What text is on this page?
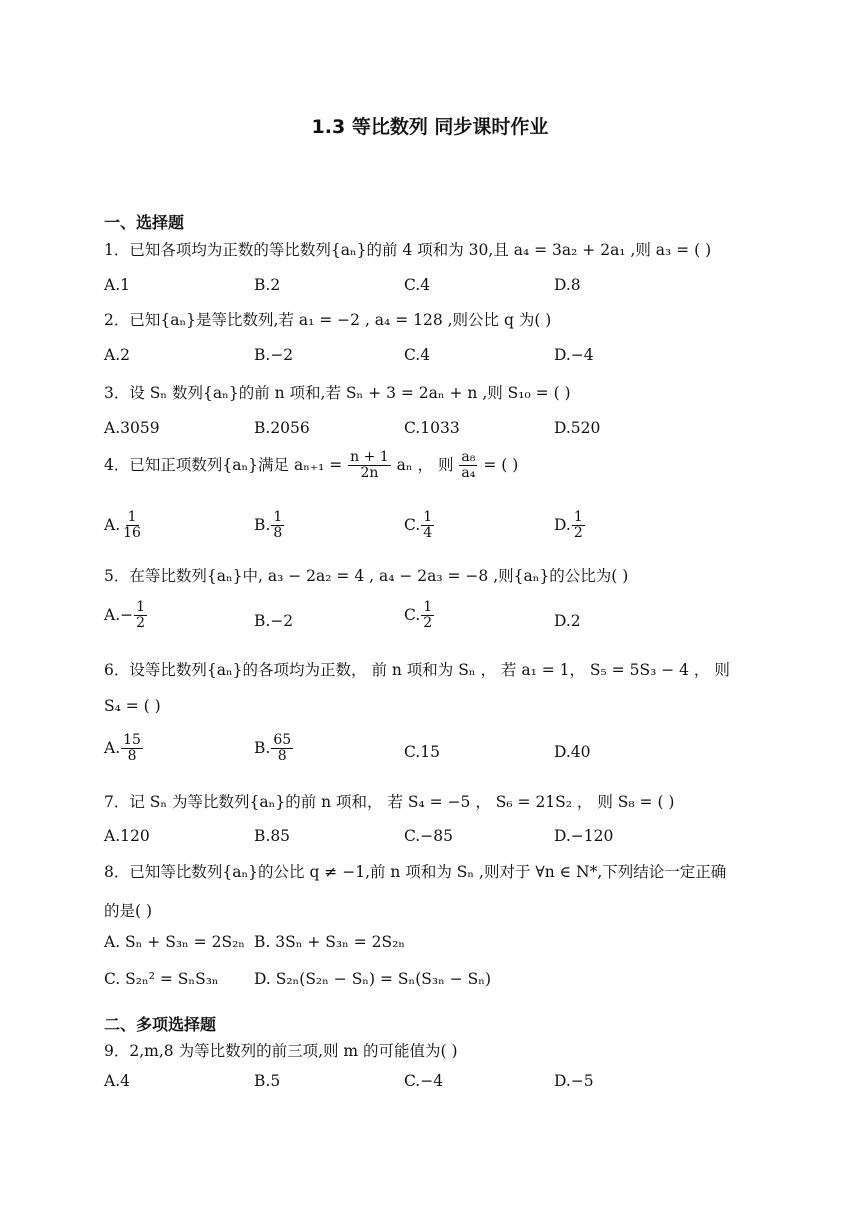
1.3 等比数列 同步课时作业
一、选择题
1．已知各项均为正数的等比数列{aₙ}的前 4 项和为 30,且 a₄ = 3a₂ + 2a₁ ,则 a₃ = ( )
A.1	B.2	C.4	D.8
2．已知{aₙ}是等比数列,若 a₁ = −2 , a₄ = 128 ,则公比 q 为( )
A.2	B.−2	C.4	D.−4
3．设 Sₙ 数列{aₙ}的前 n 项和,若 Sₙ + 3 = 2aₙ + n ,则 S₁₀ = ( )
A.3059	B.2056	C.1033	D.520
4．已知正项数列{aₙ}满足 $a_{n+1} = \frac{n + 1}{2n}$ aₙ ， 则 $\frac{\text{a₈}}{\text{a₄}}$ = ( )
A. $\frac{1}{16}$	B. $\frac{1}{8}$	C. $\frac{1}{4}$	D. $\frac{1}{2}$
5．在等比数列{aₙ}中, a₃ − 2a₂ = 4 , a₄ − 2a₃ = −8 ,则{aₙ}的公比为( )
$A.- \frac{1}{2}$	B.−2	C. $\frac{1}{2}$	D.2
6．设等比数列{aₙ}的各项均为正数， 前 n 项和为 Sₙ ， 若 a₁ = 1， S₅ = 5S₃ − 4 ， 则
S₄ = ( )
A. $\frac{15}{8}$	B. $\frac{65}{8}$	C.15	D.40
7．记 Sₙ 为等比数列{aₙ}的前 n 项和， 若 S₄ = −5 ， S₆ = 21S₂ ， 则 S₈ = ( )
A.120	B.85	C.−85	D.−120
8．已知等比数列{aₙ}的公比 q ≠ −1,前 n 项和为 Sₙ ,则对于 ∀n ∈ N*,下列结论一定正确
的是( )
A. Sₙ + S₃ₙ = 2S₂ₙ B. 3Sₙ + S₃ₙ = 2S₂ₙ
C. S₂ₙ² = SₙS₃ₙ D. S₂ₙ(S₂ₙ − Sₙ) = Sₙ(S₃ₙ − Sₙ)
二、多项选择题
9．2,m,8 为等比数列的前三项,则 m 的可能值为( )
A.4	B.5	C.−4	D.−5
